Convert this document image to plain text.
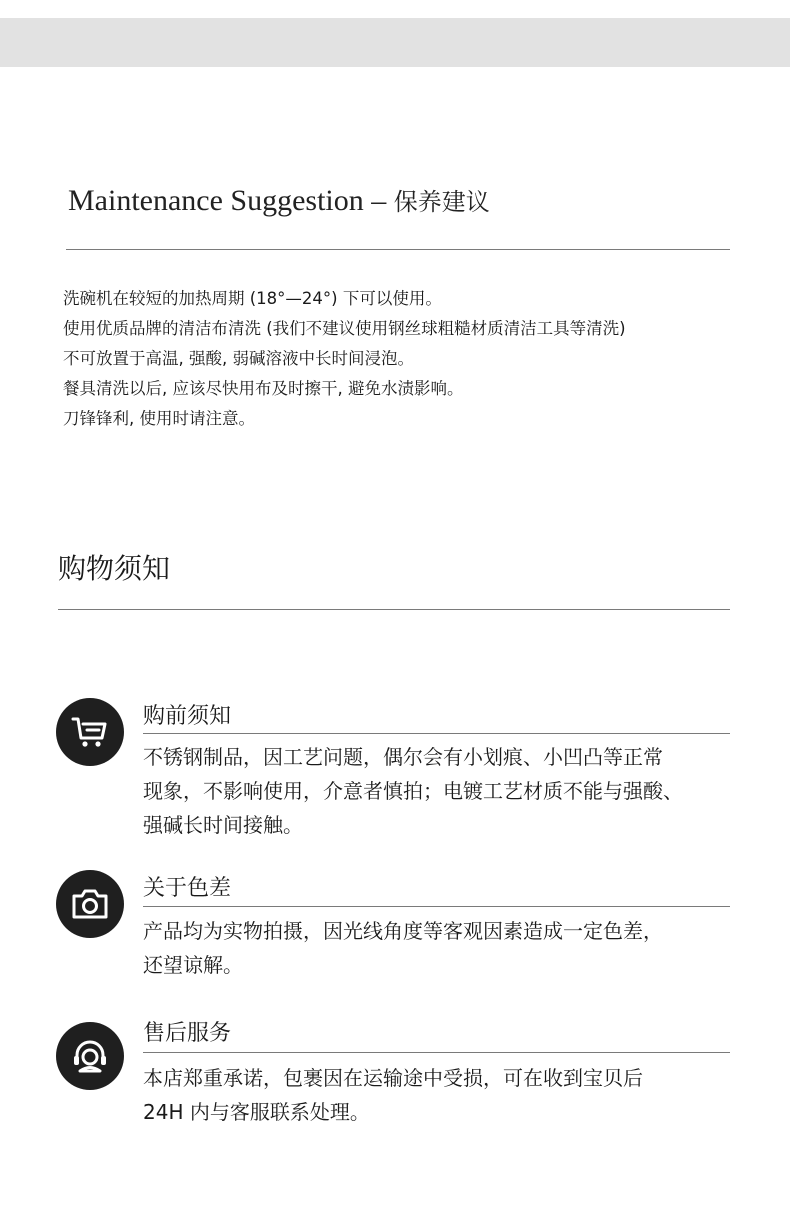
Maintenance Suggestion – 保养建议
洗碗机在较短的加热周期 (18°—24°) 下可以使用。
使用优质品牌的清洁布清洗 (我们不建议使用钢丝球粗糙材质清洁工具等清洗)
不可放置于高温, 强酸, 弱碱溶液中长时间浸泡。
餐具清洗以后, 应该尽快用布及时擦干, 避免水渍影响。
刀锋锋利, 使用时请注意。
购物须知
购前须知
不锈钢制品，因工艺问题，偶尔会有小划痕、小凹凸等正常
现象，不影响使用，介意者慎拍；电镀工艺材质不能与强酸、
强碱长时间接触。
关于色差
产品均为实物拍摄，因光线角度等客观因素造成一定色差，
还望谅解。
售后服务
本店郑重承诺，包裹因在运输途中受损，可在收到宝贝后
24H 内与客服联系处理。
